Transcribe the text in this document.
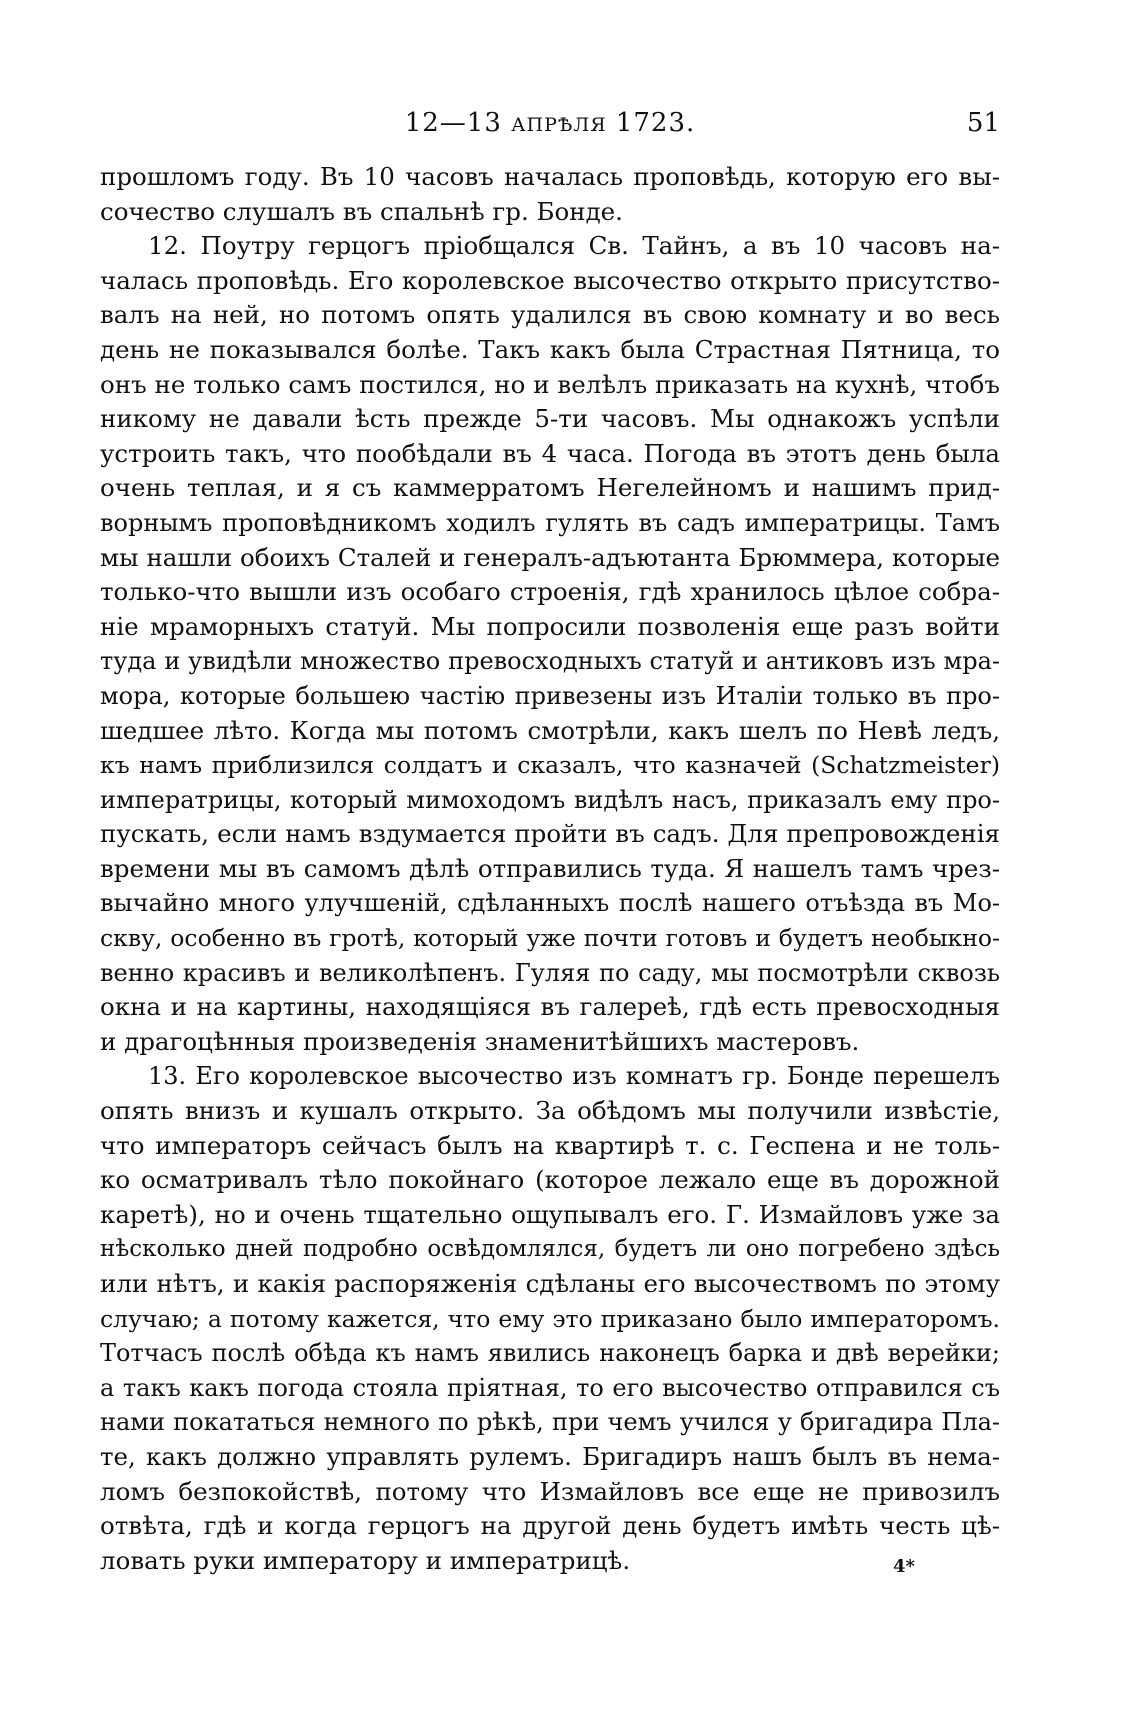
12—13 АПРѢЛЯ 1723.	51
прошломъ году. Въ 10 часовъ началась проповѣдь, которую его вы-
сочество слушалъ въ спальнѣ гр. Бонде.
12. Поутру герцогъ пріобщался Св. Тайнъ, а въ 10 часовъ на-
чалась проповѣдь. Его королевское высочество открыто присутство-
валъ на ней, но потомъ опять удалился въ свою комнату и во весь
день не показывался болѣе. Такъ какъ была Страстная Пятница, то
онъ не только самъ постился, но и велѣлъ приказать на кухнѣ, чтобъ
никому не давали ѣсть прежде 5-ти часовъ. Мы однакожъ успѣли
устроить такъ, что пообѣдали въ 4 часа. Погода въ этотъ день была
очень теплая, и я съ каммерратомъ Негелейномъ и нашимъ прид-
ворнымъ проповѣдникомъ ходилъ гулять въ садъ императрицы. Тамъ
мы нашли обоихъ Сталей и генералъ-адъютанта Брюммера, которые
только-что вышли изъ особаго строенія, гдѣ хранилось цѣлое собра-
ніе мраморныхъ статуй. Мы попросили позволенія еще разъ войти
туда и увидѣли множество превосходныхъ статуй и антиковъ изъ мра-
мора, которые большею частію привезены изъ Италіи только въ про-
шедшее лѣто. Когда мы потомъ смотрѣли, какъ шелъ по Невѣ ледъ,
къ намъ приблизился солдатъ и сказалъ, что казначей (Schatzmeister)
императрицы, который мимоходомъ видѣлъ насъ, приказалъ ему про-
пускать, если намъ вздумается пройти въ садъ. Для препровожденія
времени мы въ самомъ дѣлѣ отправились туда. Я нашелъ тамъ чрез-
вычайно много улучшеній, сдѣланныхъ послѣ нашего отъѣзда въ Мо-
скву, особенно въ гротѣ, который уже почти готовъ и будетъ необыкно-
венно красивъ и великолѣпенъ. Гуляя по саду, мы посмотрѣли сквозь
окна и на картины, находящіяся въ галереѣ, гдѣ есть превосходныя
и драгоцѣнныя произведенія знаменитѣйшихъ мастеровъ.
13. Его королевское высочество изъ комнатъ гр. Бонде перешелъ
опять внизъ и кушалъ открыто. За обѣдомъ мы получили извѣстіе,
что императоръ сейчасъ былъ на квартирѣ т. с. Геспена и не толь-
ко осматривалъ тѣло покойнаго (которое лежало еще въ дорожной
каретѣ), но и очень тщательно ощупывалъ его. Г. Измайловъ уже за
нѣсколько дней подробно освѣдомлялся, будетъ ли оно погребено здѣсь
или нѣтъ, и какія распоряженія сдѣланы его высочествомъ по этому
случаю; а потому кажется, что ему это приказано было императоромъ.
Тотчасъ послѣ обѣда къ намъ явились наконецъ барка и двѣ верейки;
а такъ какъ погода стояла пріятная, то его высочество отправился съ
нами покататься немного по рѣкѣ, при чемъ учился у бригадира Пла-
те, какъ должно управлять рулемъ. Бригадиръ нашъ былъ въ нема-
ломъ безпокойствѣ, потому что Измайловъ все еще не привозилъ
отвѣта, гдѣ и когда герцогъ на другой день будетъ имѣть честь цѣ-
ловать руки императору и императрицѣ.	4*
